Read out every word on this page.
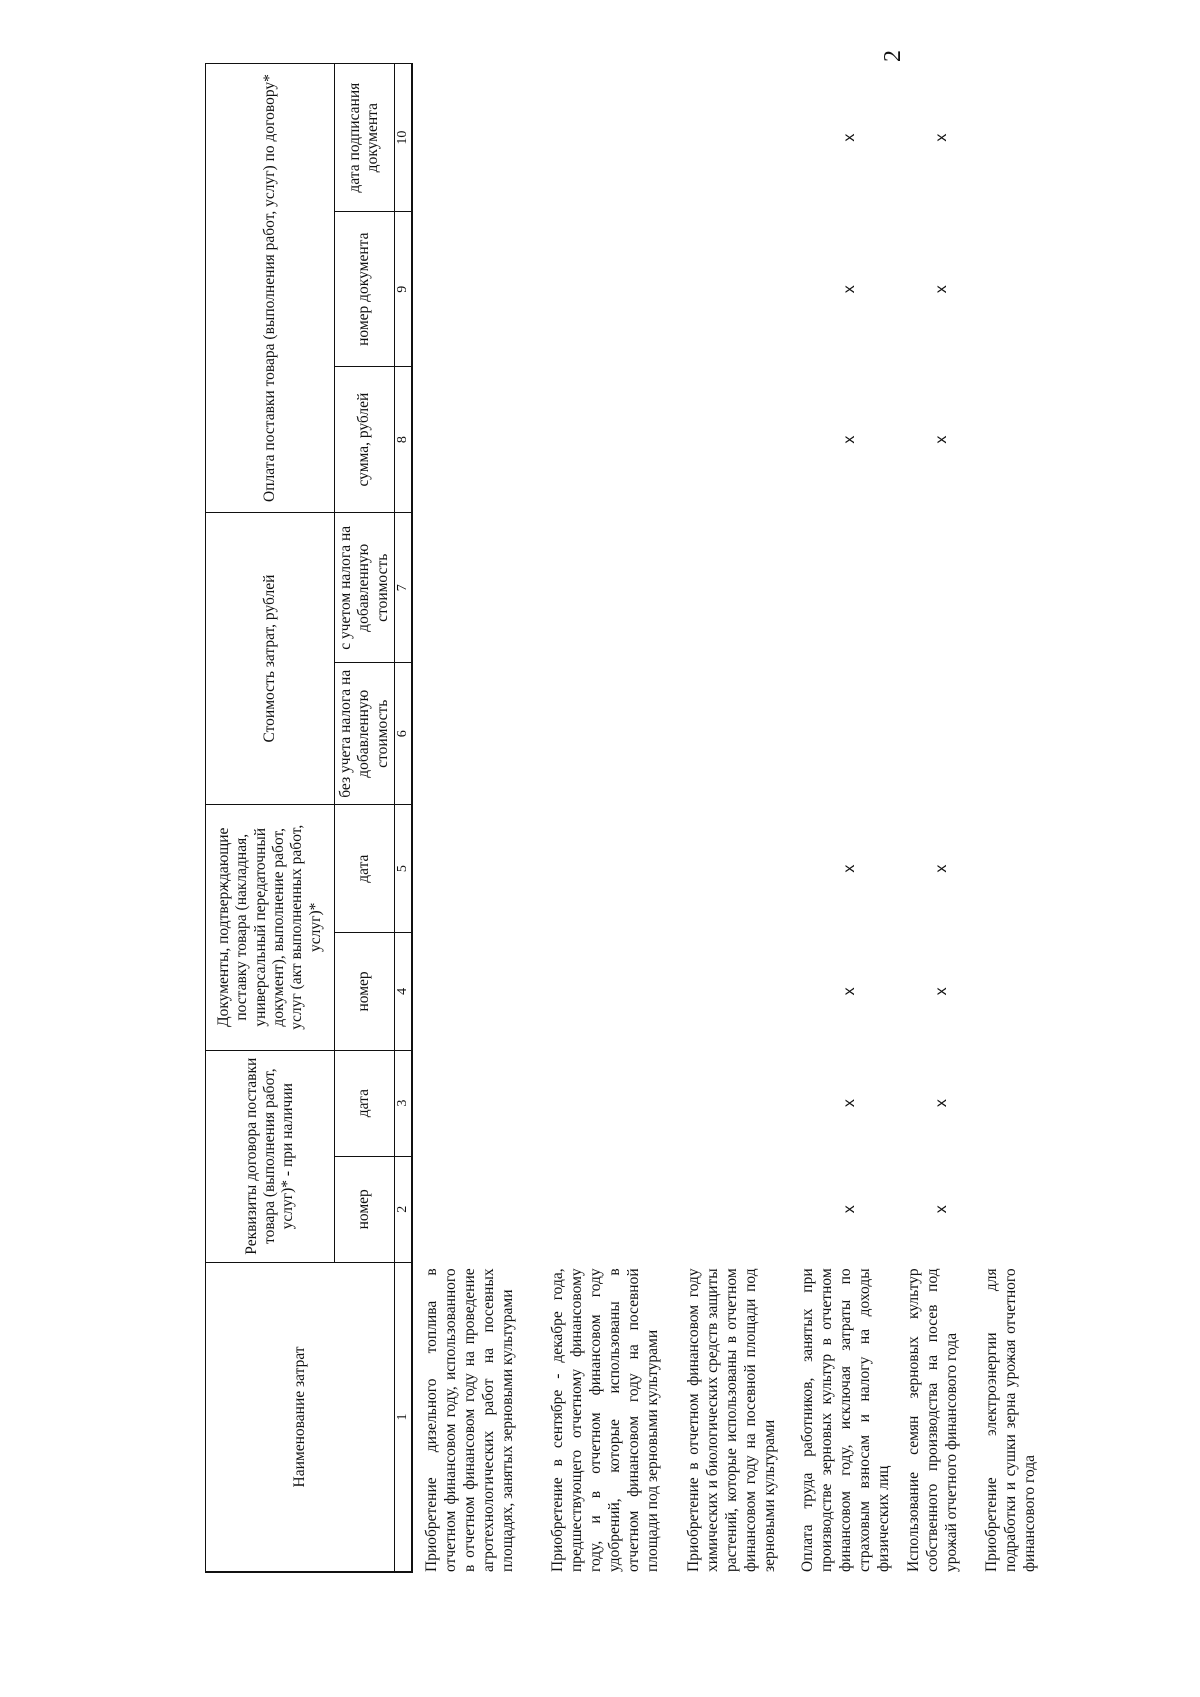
2
Наименование затрат	Реквизиты договора поставки товара (выполнения работ, услуг)* - при наличии		Документы, подтверждающие поставку товара (накладная, универсальный передаточный документ), выполнение работ, услуг (акт выполненных работ, услуг)*		Стоимость затрат, рублей		Оплата поставки товара (выполнения работ, услуг) по договору*		
	номер	дата	номер	дата	без учета налога на добавленную стоимость	с учетом налога на добавленную стоимость	сумма, рублей	номер документа	дата подписания документа
1	2	3	4	5	6	7	8	9	10

Приобретение дизельного топлива в отчетном финансовом году, использованного в отчетном финансовом году на проведение агротехнологических работ на посевных площадях, занятых зерновыми культурами									
Приобретение в сентябре - декабре года, предшествующего отчетному финансовому году, и в отчетном финансовом году удобрений, которые использованы в отчетном финансовом году на посевной площади под зерновыми культурами									
Приобретение в отчетном финансовом году химических и биологических средств защиты растений, которые использованы в отчетном финансовом году на посевной площади под зерновыми культурами									
Оплата труда работников, занятых при производстве зерновых культур в отчетном финансовом году, исключая затраты по страховым взносам и налогу на доходы физических лиц	x	x	x	x			x	x	x
Использование семян зерновых культур собственного производства на посев под урожай отчетного финансового года	x	x	x	x			x	x	x
Приобретение электроэнергии для подработки и сушки зерна урожая отчетного финансового года									
